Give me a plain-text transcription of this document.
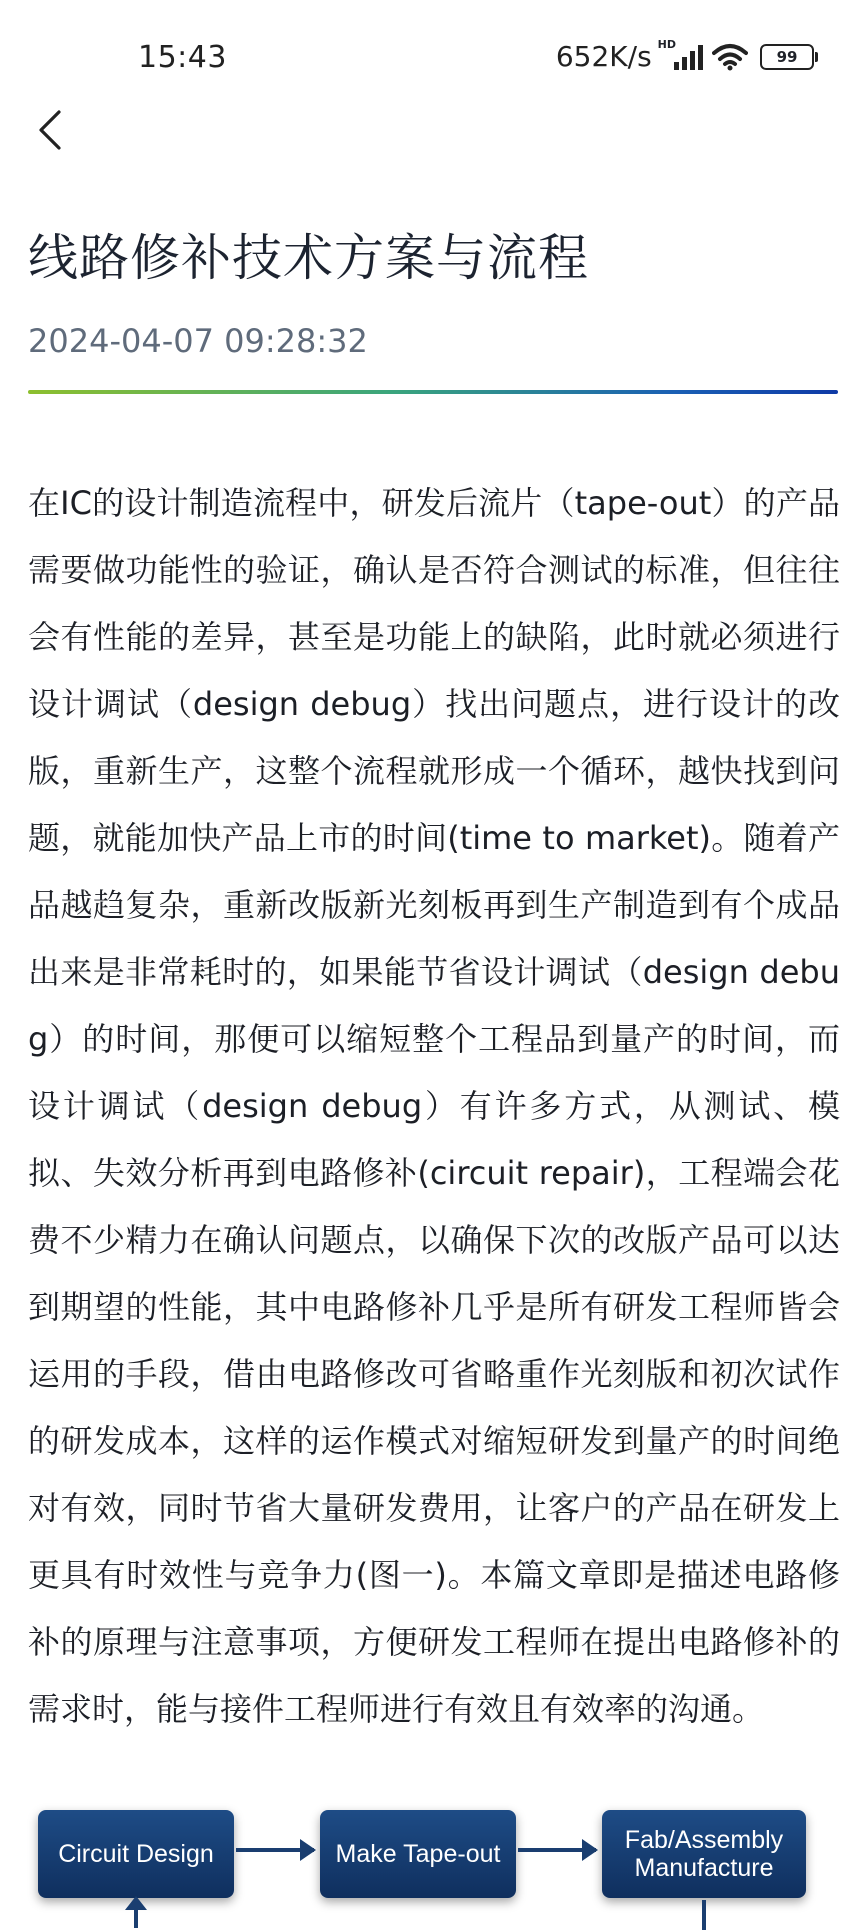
15:43	652K/s HD
99
线路修补技术方案与流程
2024-04-07 09:28:32
在IC的设计制造流程中，研发后流片（tape-out）的产品需要做功能性的验证，确认是否符合测试的标准，但往往会有性能的差异，甚至是功能上的缺陷，此时就必须进行设计调试（design debug）找出问题点，进行设计的改版，重新生产，这整个流程就形成一个循环，越快找到问题，就能加快产品上市的时间(time to market)。随着产品越趋复杂，重新改版新光刻板再到生产制造到有个成品出来是非常耗时的，如果能节省设计调试（design debug）的时间，那便可以缩短整个工程品到量产的时间，而设计调试（design debug）有许多方式，从测试、模拟、失效分析再到电路修补(circuit repair)，工程端会花费不少精力在确认问题点，以确保下次的改版产品可以达到期望的性能，其中电路修补几乎是所有研发工程师皆会运用的手段，借由电路修改可省略重作光刻版和初次试作的研发成本，这样的运作模式对缩短研发到量产的时间绝对有效，同时节省大量研发费用，让客户的产品在研发上更具有时效性与竞争力(图一)。本篇文章即是描述电路修补的原理与注意事项，方便研发工程师在提出电路修补的需求时，能与接件工程师进行有效且有效率的沟通。
Circuit Design	Make Tape-out	Fab/Assembly Manufacture
